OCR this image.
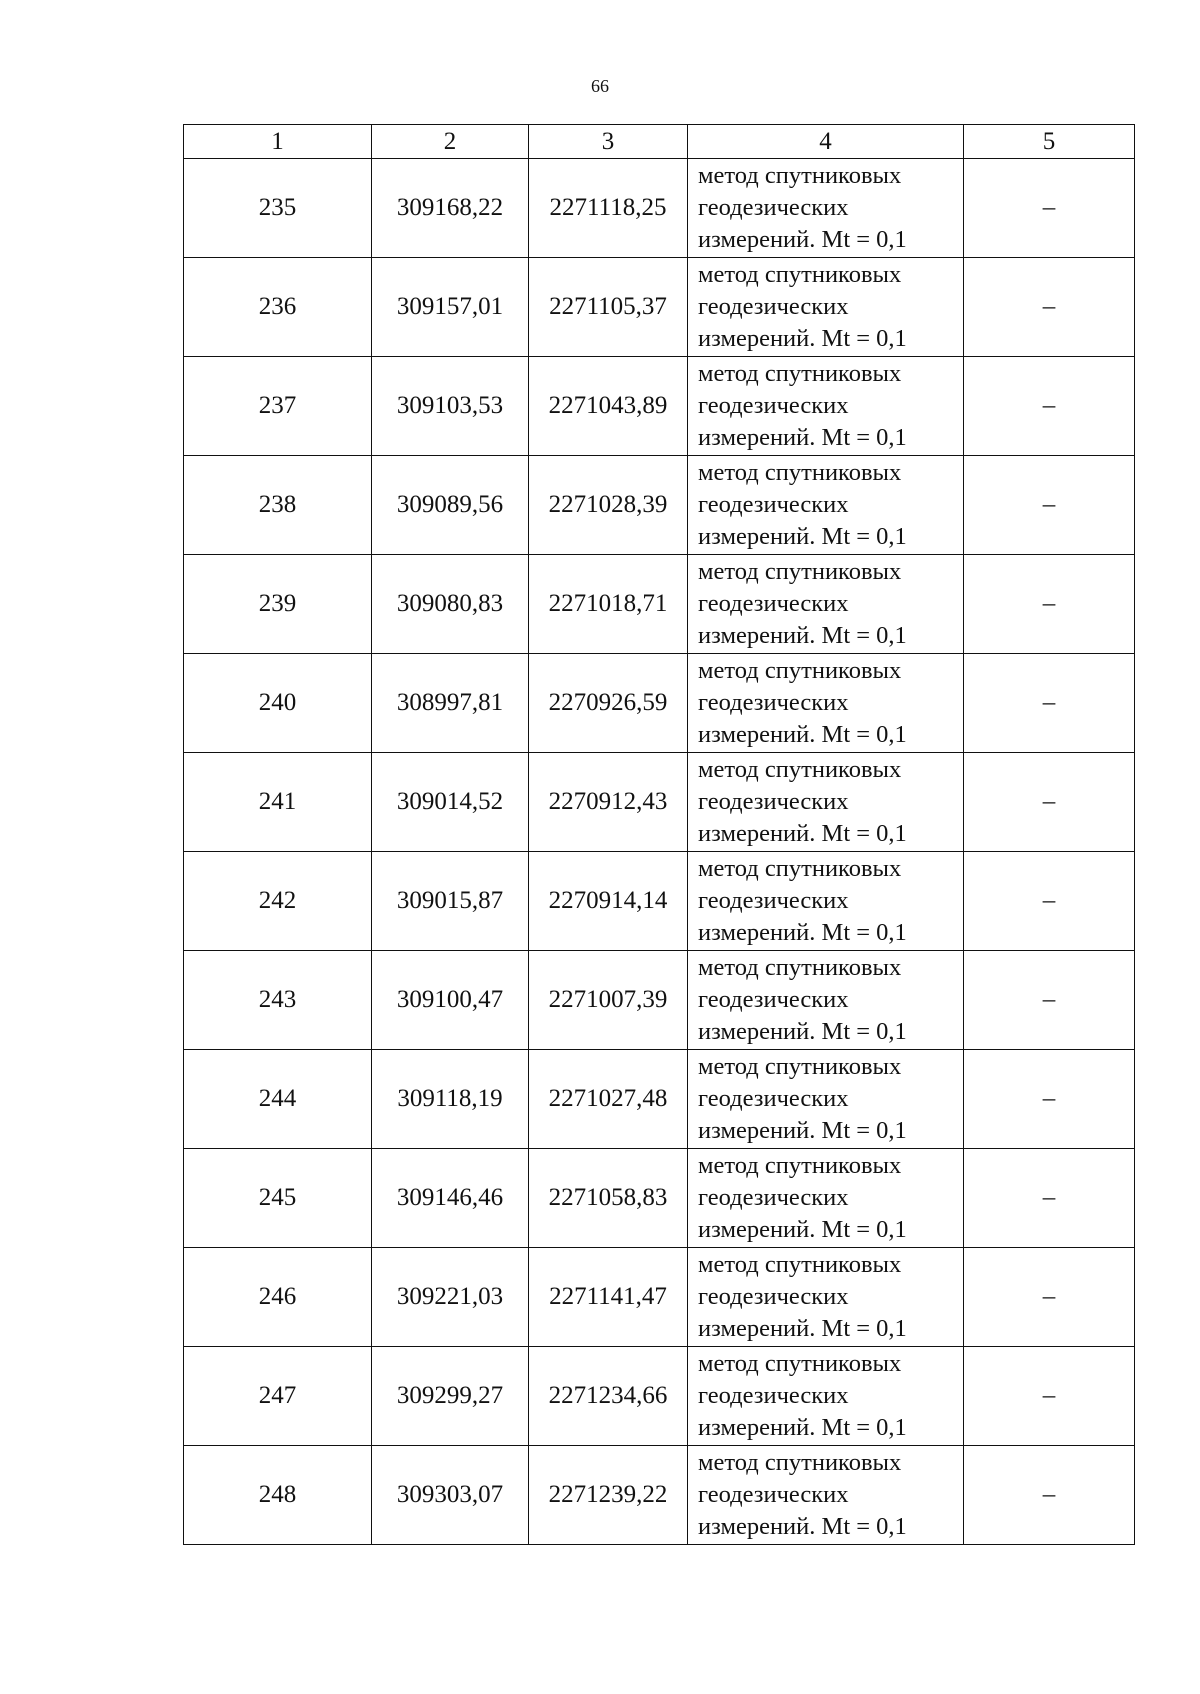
66
1	2	3	4	5
235	309168,22	2271118,25	метод спутниковых
геодезических
измерений. Mt = 0,1	–
236	309157,01	2271105,37	метод спутниковых
геодезических
измерений. Mt = 0,1	–
237	309103,53	2271043,89	метод спутниковых
геодезических
измерений. Mt = 0,1	–
238	309089,56	2271028,39	метод спутниковых
геодезических
измерений. Mt = 0,1	–
239	309080,83	2271018,71	метод спутниковых
геодезических
измерений. Mt = 0,1	–
240	308997,81	2270926,59	метод спутниковых
геодезических
измерений. Mt = 0,1	–
241	309014,52	2270912,43	метод спутниковых
геодезических
измерений. Mt = 0,1	–
242	309015,87	2270914,14	метод спутниковых
геодезических
измерений. Mt = 0,1	–
243	309100,47	2271007,39	метод спутниковых
геодезических
измерений. Mt = 0,1	–
244	309118,19	2271027,48	метод спутниковых
геодезических
измерений. Mt = 0,1	–
245	309146,46	2271058,83	метод спутниковых
геодезических
измерений. Mt = 0,1	–
246	309221,03	2271141,47	метод спутниковых
геодезических
измерений. Mt = 0,1	–
247	309299,27	2271234,66	метод спутниковых
геодезических
измерений. Mt = 0,1	–
248	309303,07	2271239,22	метод спутниковых
геодезических
измерений. Mt = 0,1	–
